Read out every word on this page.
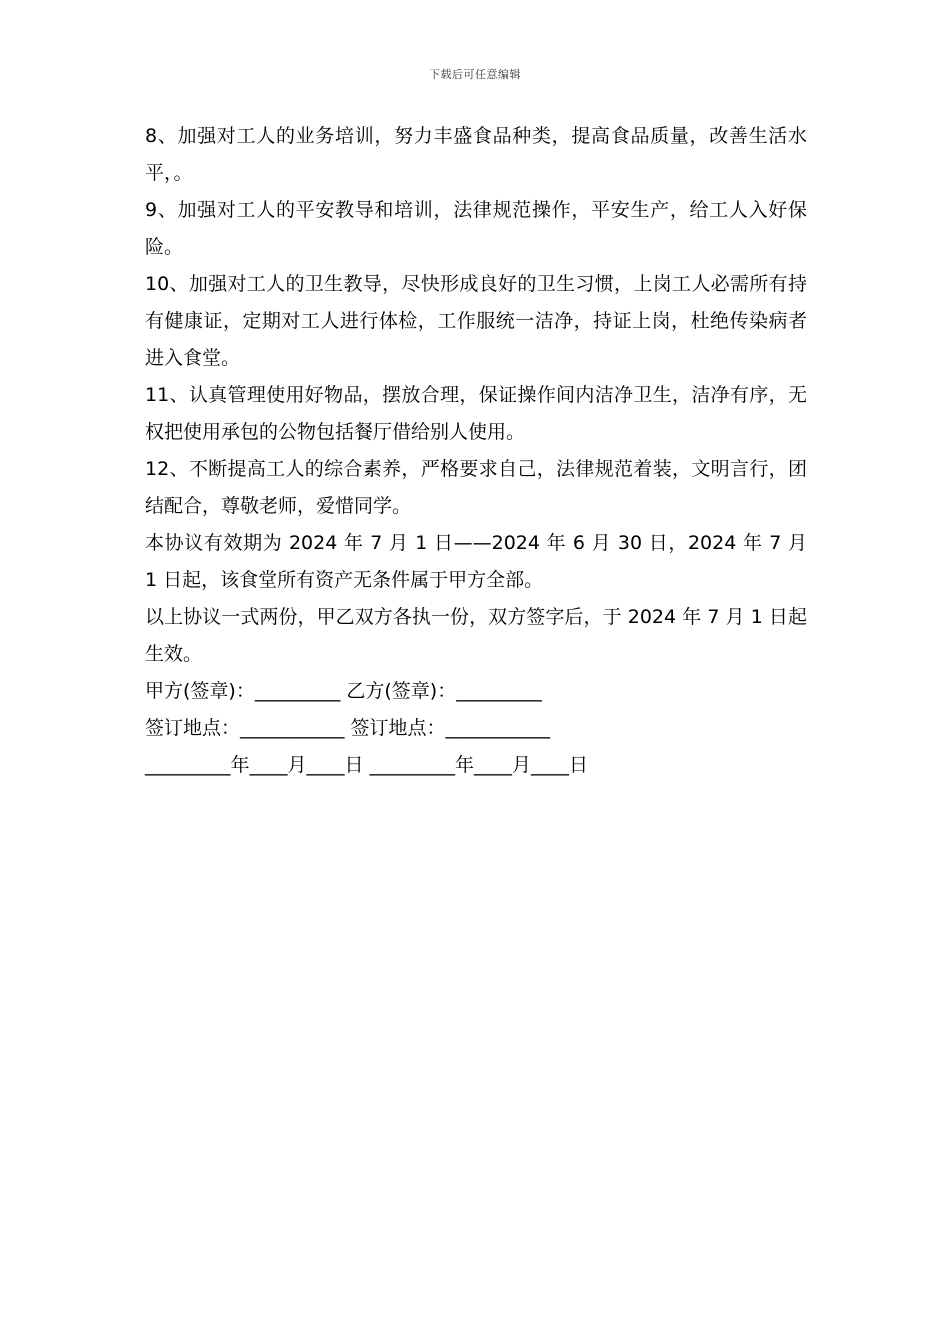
下载后可任意编辑

8、加强对工人的业务培训，努力丰盛食品种类，提高食品质量，改善生活水平，。

9、加强对工人的平安教导和培训，法律规范操作，平安生产，给工人入好保险。

10、加强对工人的卫生教导，尽快形成良好的卫生习惯，上岗工人必需所有持有健康证，定期对工人进行体检，工作服统一洁净，持证上岗，杜绝传染病者进入食堂。

11、认真管理使用好物品，摆放合理，保证操作间内洁净卫生，洁净有序，无权把使用承包的公物包括餐厅借给别人使用。

12、不断提高工人的综合素养，严格要求自己，法律规范着装，文明言行，团结配合，尊敬老师，爱惜同学。

本协议有效期为 2024 年 7 月 1 日——2024 年 6 月 30 日，2024 年 7 月 1 日起，该食堂所有资产无条件属于甲方全部。

以上协议一式两份，甲乙双方各执一份，双方签字后，于 2024 年 7 月 1 日起生效。

甲方(签章)：_________ 乙方(签章)：_________

签订地点：___________ 签订地点：___________

_________年____月____日 _________年____月____日
